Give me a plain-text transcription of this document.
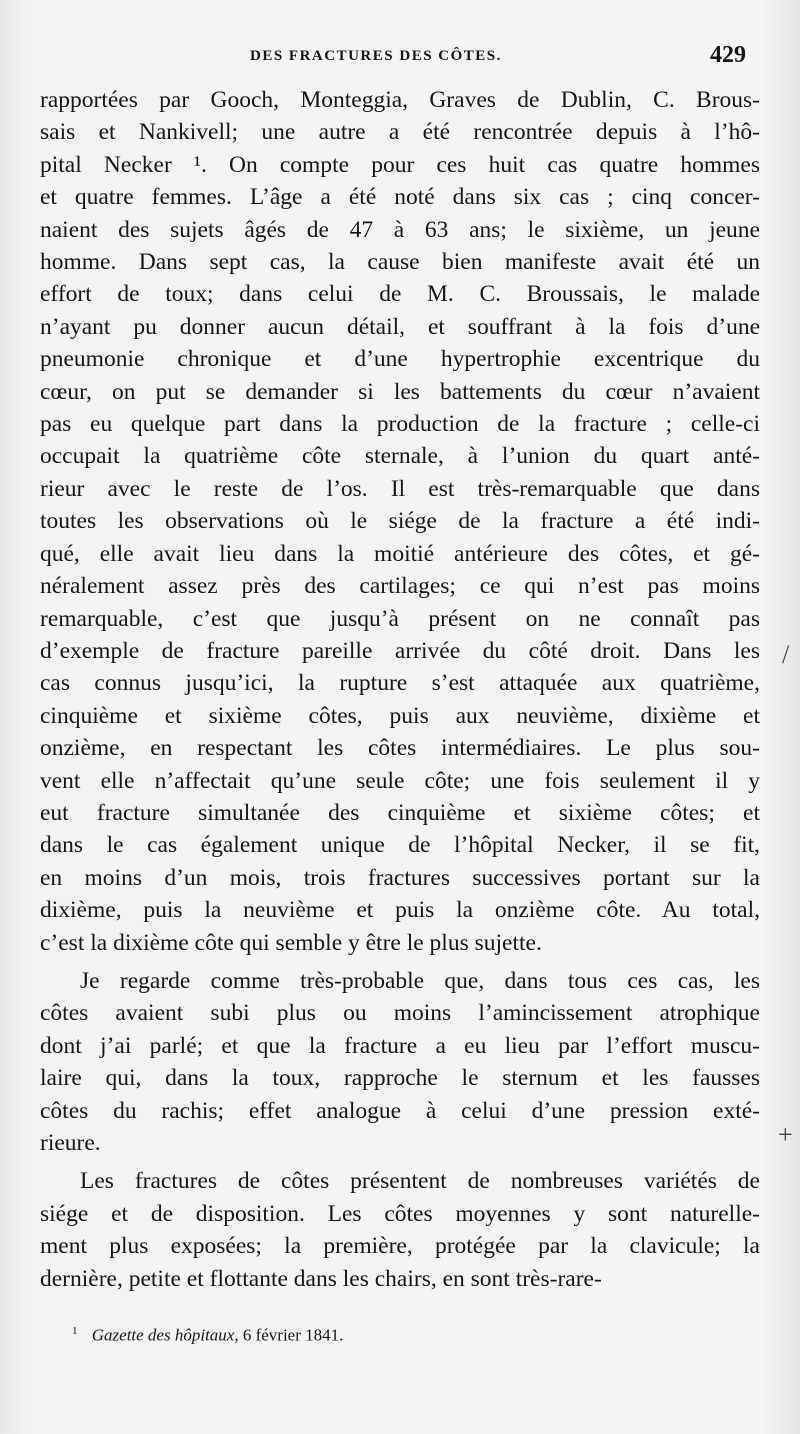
DES FRACTURES DES CÔTES.	429
rapportées par Gooch, Monteggia, Graves de Dublin, C. Brous-
sais et Nankivell; une autre a été rencontrée depuis à l’hô-
pital Necker ¹. On compte pour ces huit cas quatre hommes
et quatre femmes. L’âge a été noté dans six cas ; cinq concer-
naient des sujets âgés de 47 à 63 ans; le sixième, un jeune
homme. Dans sept cas, la cause bien manifeste avait été un
effort de toux; dans celui de M. C. Broussais, le malade
n’ayant pu donner aucun détail, et souffrant à la fois d’une
pneumonie chronique et d’une hypertrophie excentrique du
cœur, on put se demander si les battements du cœur n’avaient
pas eu quelque part dans la production de la fracture ; celle-ci
occupait la quatrième côte sternale, à l’union du quart anté-
rieur avec le reste de l’os. Il est très-remarquable que dans
toutes les observations où le siége de la fracture a été indi-
qué, elle avait lieu dans la moitié antérieure des côtes, et gé-
néralement assez près des cartilages; ce qui n’est pas moins
remarquable, c’est que jusqu’à présent on ne connaît pas
d’exemple de fracture pareille arrivée du côté droit. Dans les
cas connus jusqu’ici, la rupture s’est attaquée aux quatrième,
cinquième et sixième côtes, puis aux neuvième, dixième et
onzième, en respectant les côtes intermédiaires. Le plus sou-
vent elle n’affectait qu’une seule côte; une fois seulement il y
eut fracture simultanée des cinquième et sixième côtes; et
dans le cas également unique de l’hôpital Necker, il se fit,
en moins d’un mois, trois fractures successives portant sur la
dixième, puis la neuvième et puis la onzième côte. Au total,
c’est la dixième côte qui semble y être le plus sujette.
Je regarde comme très-probable que, dans tous ces cas, les
côtes avaient subi plus ou moins l’amincissement atrophique
dont j’ai parlé; et que la fracture a eu lieu par l’effort muscu-
laire qui, dans la toux, rapproche le sternum et les fausses
côtes du rachis; effet analogue à celui d’une pression exté-
rieure.
Les fractures de côtes présentent de nombreuses variétés de
siége et de disposition. Les côtes moyennes y sont naturelle-
ment plus exposées; la première, protégée par la clavicule; la
dernière, petite et flottante dans les chairs, en sont très-rare-
$^1$ Gazette des hôpitaux, 6 février 1841.
/
+
